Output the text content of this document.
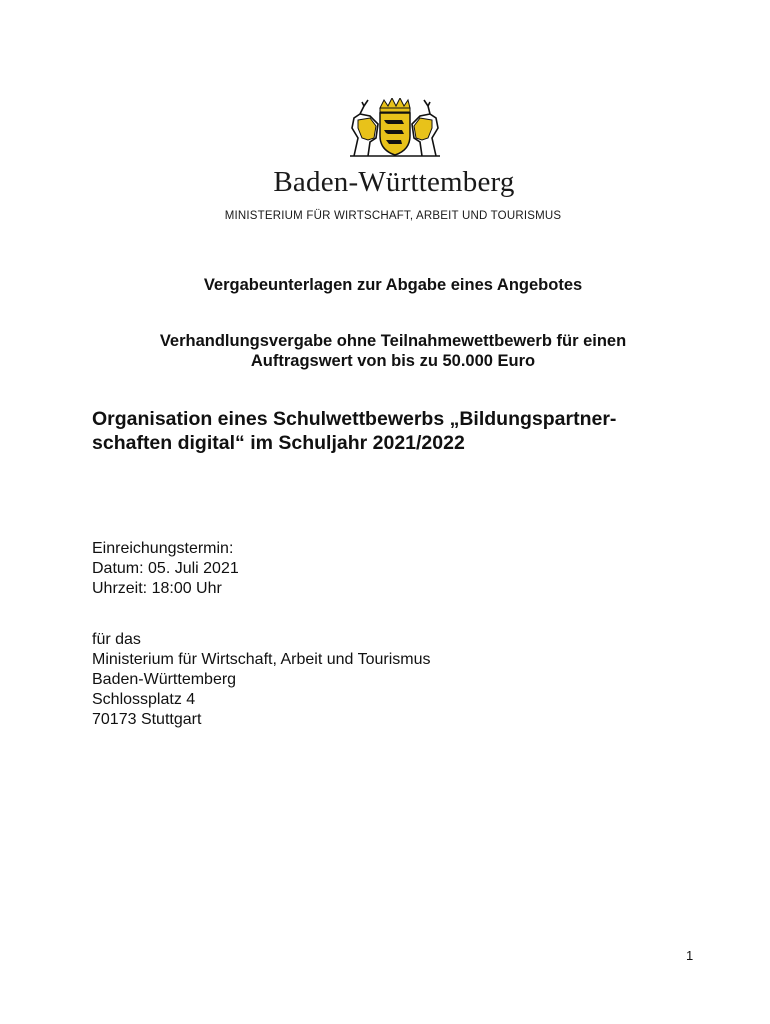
Baden-Württemberg
MINISTERIUM FÜR WIRTSCHAFT, ARBEIT UND TOURISMUS
Vergabeunterlagen zur Abgabe eines Angebotes
Verhandlungsvergabe ohne Teilnahmewettbewerb für einen
Auftragswert von bis zu 50.000 Euro
Organisation eines Schulwettbewerbs „Bildungspartner-
schaften digital“ im Schuljahr 2021/2022
Einreichungstermin:
Datum: 05. Juli 2021
Uhrzeit: 18:00 Uhr
für das
Ministerium für Wirtschaft, Arbeit und Tourismus
Baden-Württemberg
Schlossplatz 4
70173 Stuttgart
1
